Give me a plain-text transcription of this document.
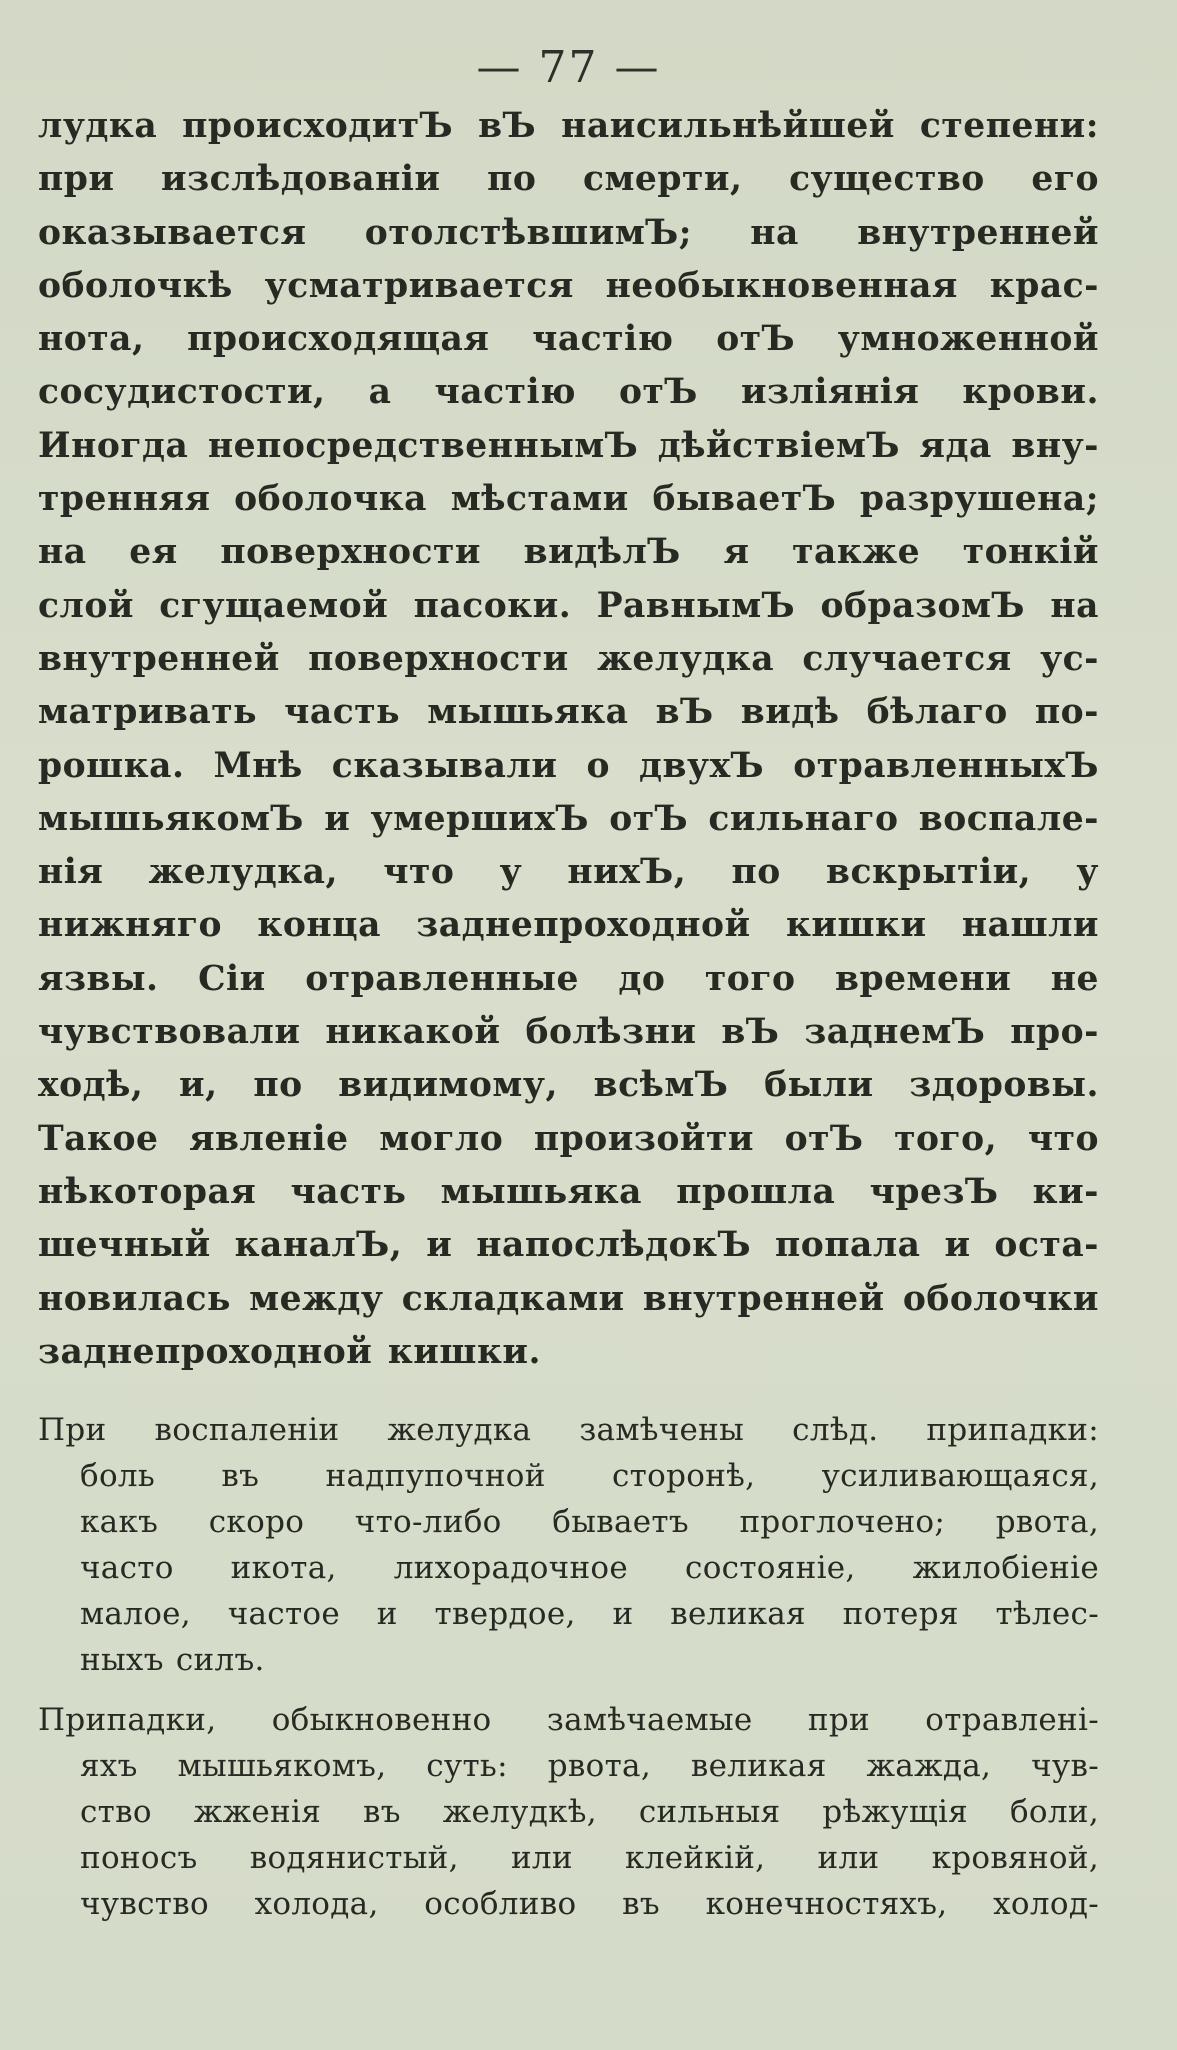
— 77 —
лудка происходитЪ вЪ наисильнѣйшей степени:
при изслѣдованіи по смерти, существо его
оказывается отолстѣвшимЪ; на внутренней
оболочкѣ усматривается необыкновенная крас-
нота, происходящая частію отЪ умноженной
сосудистости, а частію отЪ изліянія крови.
Иногда непосредственнымЪ дѣйствіемЪ яда вну-
тренняя оболочка мѣстами бываетЪ разрушена;
на ея поверхности видѣлЪ я также тонкій
слой сгущаемой пасоки. РавнымЪ образомЪ на
внутренней поверхности желудка случается ус-
матривать часть мышьяка вЪ видѣ бѣлаго по-
рошка. Мнѣ сказывали о двухЪ отравленныхЪ
мышьякомЪ и умершихЪ отЪ сильнаго воспале-
нія желудка, что у нихЪ, по вскрытіи, у
нижняго конца заднепроходной кишки нашли
язвы. Сіи отравленные до того времени не
чувствовали никакой болѣзни вЪ заднемЪ про-
ходѣ, и, по видимому, всѣмЪ были здоровы.
Такое явленіе могло произойти отЪ того, что
нѣкоторая часть мышьяка прошла чрезЪ ки-
шечный каналЪ, и напослѣдокЪ попала и оста-
новилась между складками внутренней оболочки
заднепроходной кишки.
При воспаленіи желудка замѣчены слѣд. припадки:
боль въ надпупочной сторонѣ, усиливающаяся,
какъ скоро что-либо бываетъ проглочено; рвота,
часто икота, лихорадочное состояніе, жилобіеніе
малое, частое и твердое, и великая потеря тѣлес-
ныхъ силъ.
Припадки, обыкновенно замѣчаемые при отравлені-
яхъ мышьякомъ, суть: рвота, великая жажда, чув-
ство жженія въ желудкѣ, сильныя рѣжущія боли,
поносъ водянистый, или клейкій, или кровяной,
чувство холода, особливо въ конечностяхъ, холод-
